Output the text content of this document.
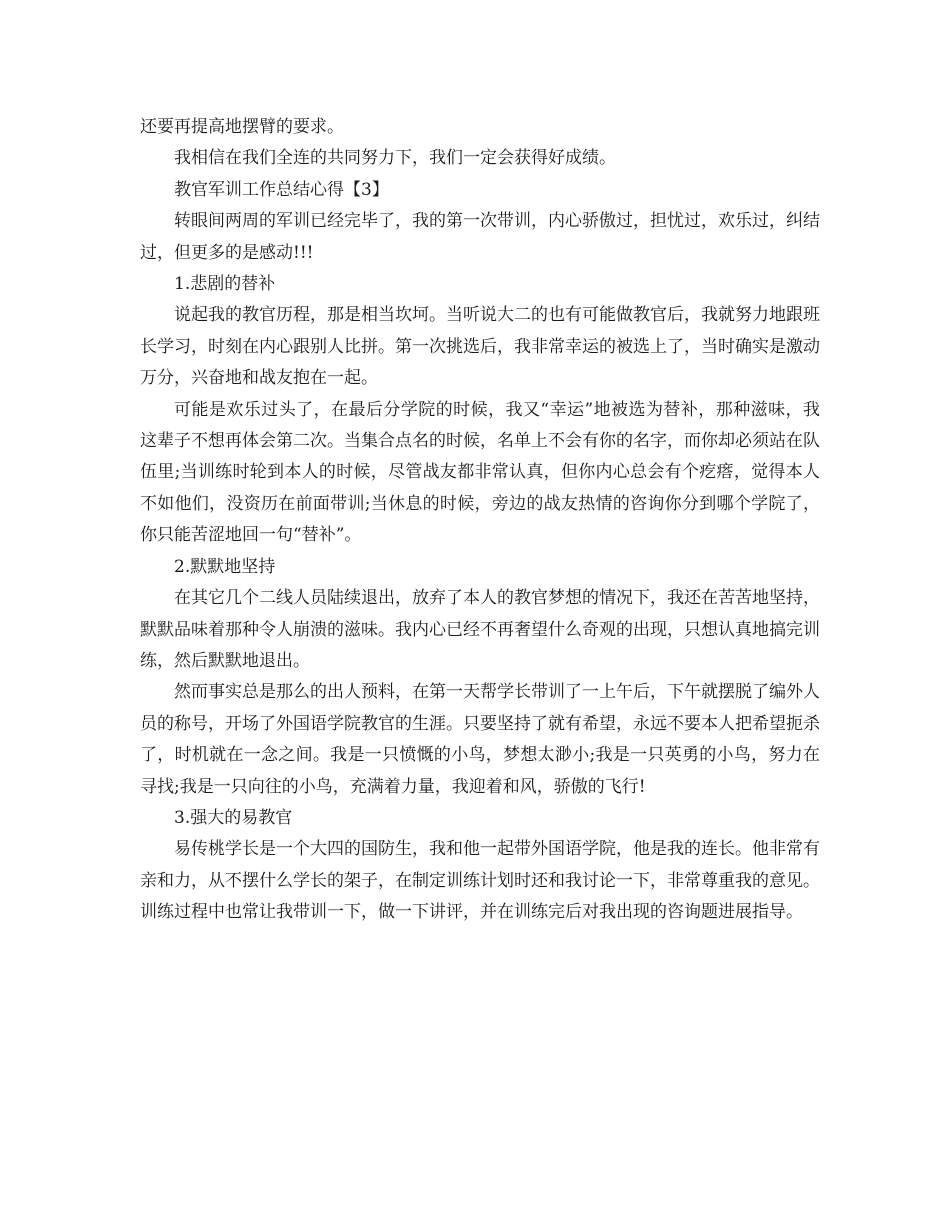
还要再提高地摆臂的要求。

我相信在我们全连的共同努力下，我们一定会获得好成绩。

教官军训工作总结心得【3】

转眼间两周的军训已经完毕了，我的第一次带训，内心骄傲过，担忧过，欢乐过，纠结过，但更多的是感动!!!

1.悲剧的替补

说起我的教官历程，那是相当坎坷。当听说大二的也有可能做教官后，我就努力地跟班长学习，时刻在内心跟别人比拼。第一次挑选后，我非常幸运的被选上了，当时确实是激动万分，兴奋地和战友抱在一起。

可能是欢乐过头了，在最后分学院的时候，我又“幸运”地被选为替补，那种滋味，我这辈子不想再体会第二次。当集合点名的时候，名单上不会有你的名字，而你却必须站在队伍里;当训练时轮到本人的时候，尽管战友都非常认真，但你内心总会有个疙瘩，觉得本人不如他们，没资历在前面带训;当休息的时候，旁边的战友热情的咨询你分到哪个学院了，你只能苦涩地回一句“替补”。

2.默默地坚持

在其它几个二线人员陆续退出，放弃了本人的教官梦想的情况下，我还在苦苦地坚持，默默品味着那种令人崩溃的滋味。我内心已经不再奢望什么奇观的出现，只想认真地搞完训练，然后默默地退出。

然而事实总是那么的出人预料，在第一天帮学长带训了一上午后，下午就摆脱了编外人员的称号，开场了外国语学院教官的生涯。只要坚持了就有希望，永远不要本人把希望扼杀了，时机就在一念之间。我是一只愤慨的小鸟，梦想太渺小;我是一只英勇的小鸟，努力在寻找;我是一只向往的小鸟，充满着力量，我迎着和风，骄傲的飞行!

3.强大的易教官

易传桃学长是一个大四的国防生，我和他一起带外国语学院，他是我的连长。他非常有亲和力，从不摆什么学长的架子，在制定训练计划时还和我讨论一下，非常尊重我的意见。训练过程中也常让我带训一下，做一下讲评，并在训练完后对我出现的咨询题进展指导。
